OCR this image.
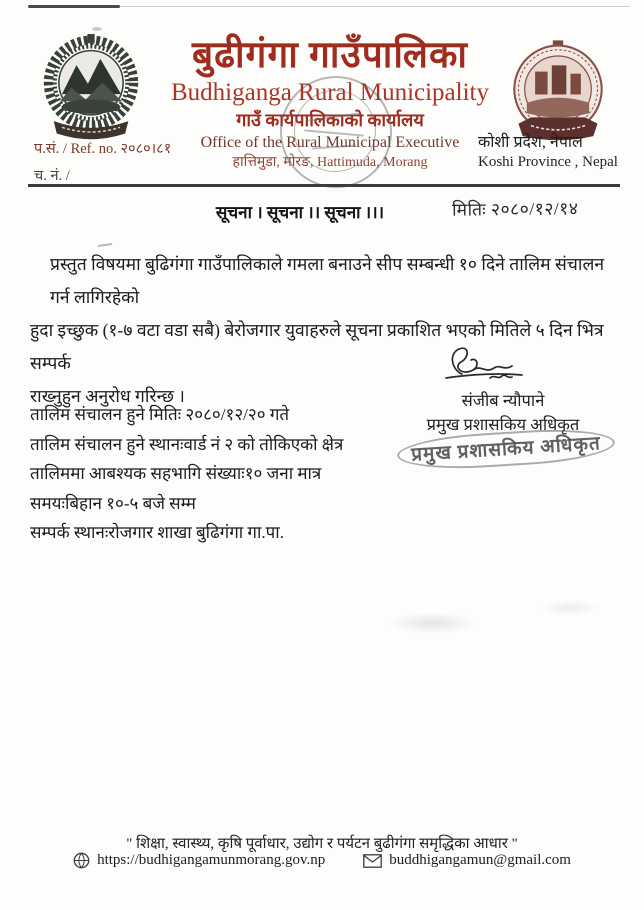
बुढीगंगा गाउँपालिका
Budhiganga Rural Municipality
गाउँ कार्यपालिकाको कार्यालय
Office of the Rural Municipal Executive
हात्तिमुडा, मोरङ, Hattimuda, Morang
प.सं. / Ref. no. २०८०।८१
च. नं. /
कोशी प्रदेश, नेपाल
Koshi Province , Nepal
सूचना । सूचना ।। सूचना ।।।	मितिः २०८०/१२/१४
प्रस्तुत विषयमा बुढिगंगा गाउँपालिकाले गमला बनाउने सीप सम्बन्धी १० दिने तालिम संचालन गर्न लागिरहेको
हुदा इच्छुक (१-७ वटा वडा सबै) बेरोजगार युवाहरुले सूचना प्रकाशित भएको मितिले ५ दिन भित्र सम्पर्क
राख्नुहुन अनुरोध गरिन्छ ।	संजीब न्यौपाने
प्रमुख प्रशासकिय अधिकृत
प्रमुख प्रशासकिय अधिकृत
तालिम संचालन हुने मितिः २०८०/१२/२० गते
तालिम संचालन हुने स्थानःवार्ड नं २ को तोकिएको क्षेत्र
तालिममा आबश्यक सहभागि संख्याः१० जना मात्र
समयःबिहान १०-५ बजे सम्म
सम्पर्क स्थानःरोजगार शाखा बुढिगंगा गा.पा.
" शिक्षा, स्वास्थ्य, कृषि पूर्वाधार, उद्योग र पर्यटन बुढीगंगा समृद्धिका आधार "
https://budhigangamunmorang.gov.np	buddhigangamun@gmail.com
